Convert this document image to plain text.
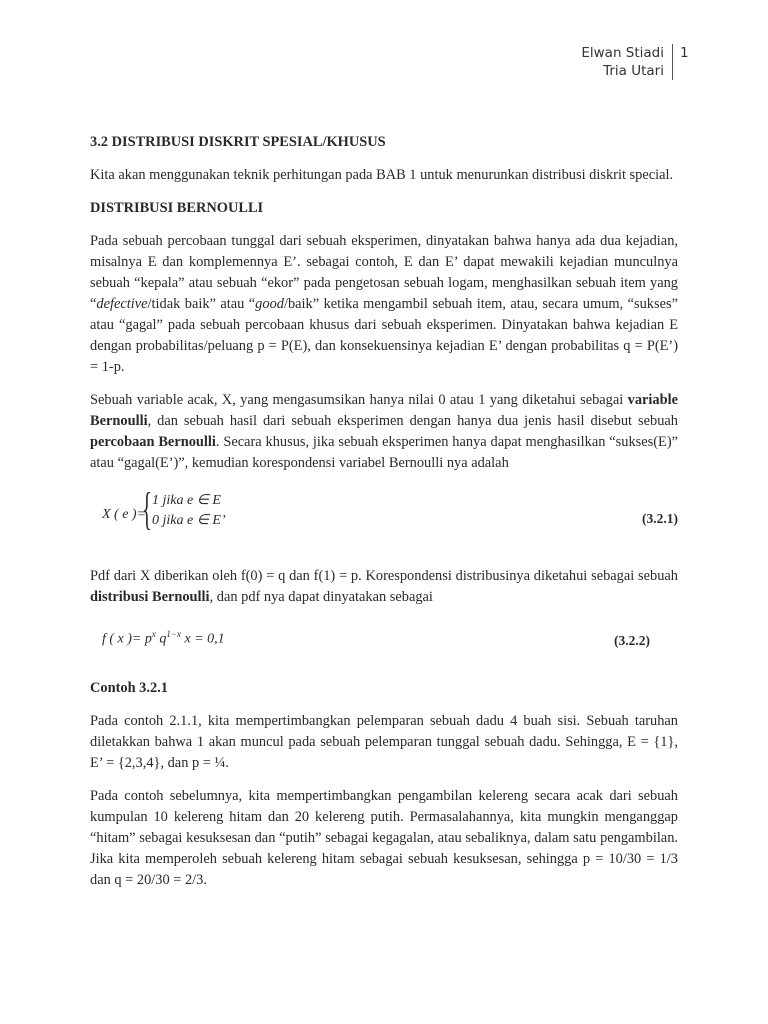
Elwan Stiadi
Tria Utari
1
3.2 DISTRIBUSI DISKRIT SPESIAL/KHUSUS

Kita akan menggunakan teknik perhitungan pada BAB 1 untuk menurunkan distribusi diskrit special.

DISTRIBUSI BERNOULLI

Pada sebuah percobaan tunggal dari sebuah eksperimen, dinyatakan bahwa hanya ada dua kejadian, misalnya E dan komplemennya E’. sebagai contoh, E dan E’ dapat mewakili kejadian munculnya sebuah “kepala” atau sebuah “ekor” pada pengetosan sebuah logam, menghasilkan sebuah item yang “defective/tidak baik” atau “good/baik” ketika mengambil sebuah item, atau, secara umum, “sukses” atau “gagal” pada sebuah percobaan khusus dari sebuah eksperimen. Dinyatakan bahwa kejadian E dengan probabilitas/peluang p = P(E), dan konsekuensinya kejadian E’ dengan probabilitas q = P(E’) = 1-p.

Sebuah variable acak, X, yang mengasumsikan hanya nilai 0 atau 1 yang diketahui sebagai variable Bernoulli, dan sebuah hasil dari sebuah eksperimen dengan hanya dua jenis hasil disebut sebuah percobaan Bernoulli. Secara khusus, jika sebuah eksperimen hanya dapat menghasilkan “sukses(E)” atau “gagal(E’)”, kemudian korespondensi variabel Bernoulli nya adalah

X ( e )=
{ 1 jika e ∈ E
0 jika e ∈ E’	(3.2.1)

Pdf dari X diberikan oleh f(0) = q dan f(1) = p. Korespondensi distribusinya diketahui sebagai sebuah distribusi Bernoulli, dan pdf nya dapat dinyatakan sebagai

f ( x )= $p^x$ $q^{1-x}$ x = 0,1	(3.2.2)
Contoh 3.2.1

Pada contoh 2.1.1, kita mempertimbangkan pelemparan sebuah dadu 4 buah sisi. Sebuah taruhan diletakkan bahwa 1 akan muncul pada sebuah pelemparan tunggal sebuah dadu. Sehingga, E = {1}, E’ = {2,3,4}, dan p = ¼.

Pada contoh sebelumnya, kita mempertimbangkan pengambilan kelereng secara acak dari sebuah kumpulan 10 kelereng hitam dan 20 kelereng putih. Permasalahannya, kita mungkin menganggap “hitam” sebagai kesuksesan dan “putih” sebagai kegagalan, atau sebaliknya, dalam satu pengambilan. Jika kita memperoleh sebuah kelereng hitam sebagai sebuah kesuksesan, sehingga p = 10/30 = 1/3 dan q = 20/30 = 2/3.
